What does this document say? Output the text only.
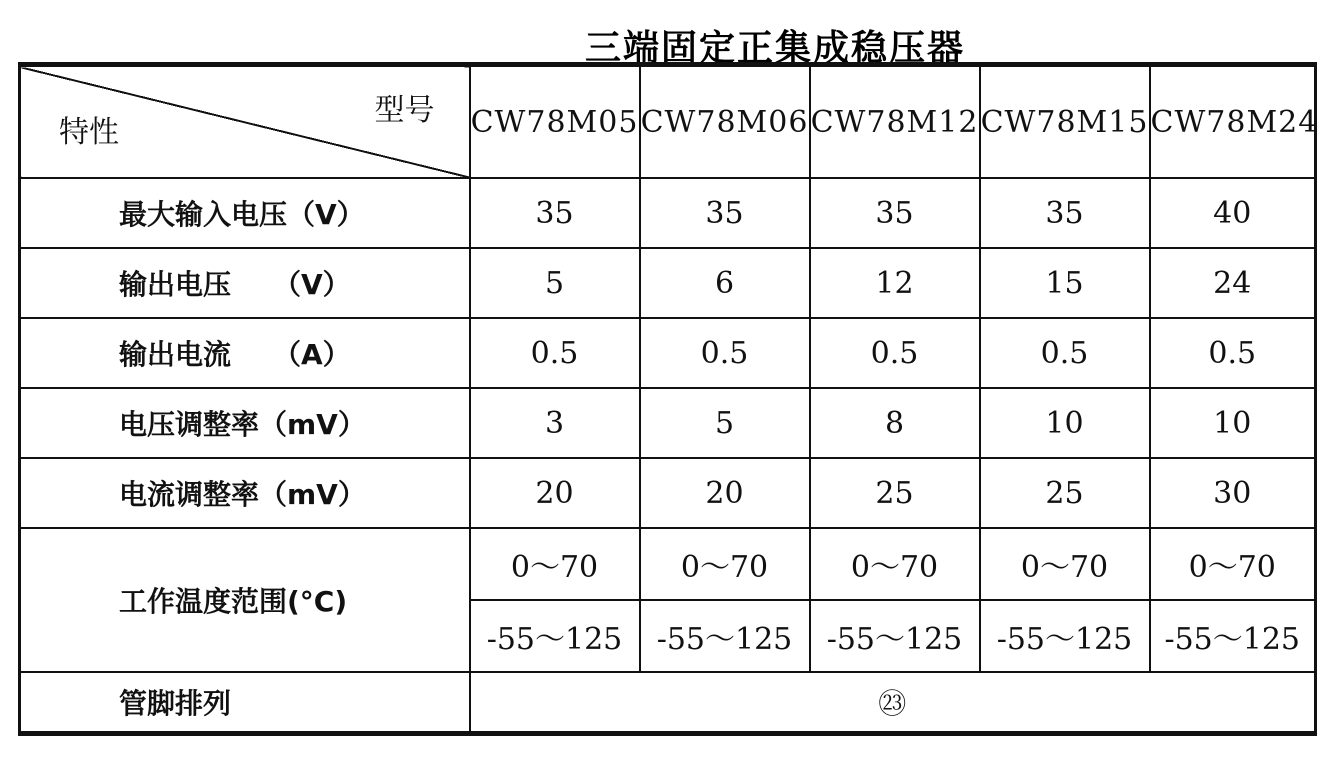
三端固定正集成稳压器
型号
特性	CW78M05	CW78M06	CW78M12	CW78M15	CW78M24
最大输入电压（V）	35	35	35	35	40
输出电压　　（V）	5	6	12	15	24
输出电流　　（A）	0.5	0.5	0.5	0.5	0.5
电压调整率（mV）	3	5	8	10	10
电流调整率（mV）	20	20	25	25	30
工作温度范围(°C)	0～70	0～70	0～70	0～70	0～70
	-55～125	-55～125	-55～125	-55～125	-55～125
管脚排列	㉓				
